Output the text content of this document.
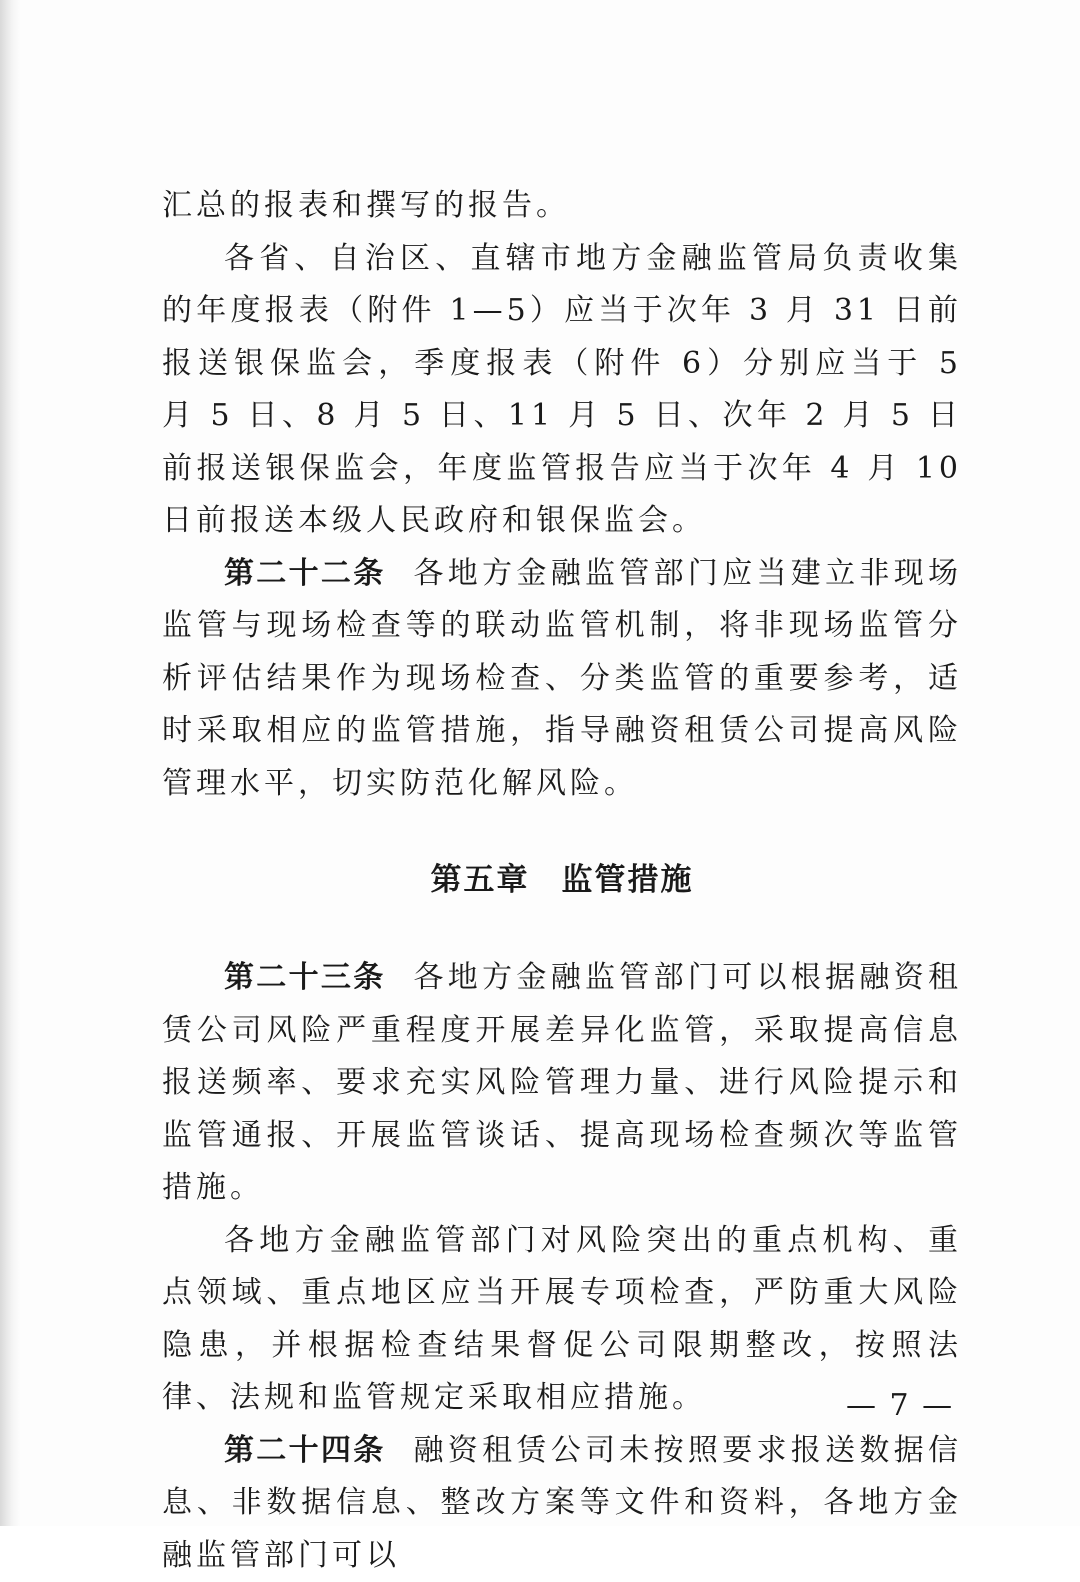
汇总的报表和撰写的报告。

各省、自治区、直辖市地方金融监管局负责收集的年度报表（附件 1—5）应当于次年 3 月 31 日前报送银保监会，季度报表（附件 6）分别应当于 5 月 5 日、8 月 5 日、11 月 5 日、次年 2 月 5 日前报送银保监会，年度监管报告应当于次年 4 月 10 日前报送本级人民政府和银保监会。

第二十二条 各地方金融监管部门应当建立非现场监管与现场检查等的联动监管机制，将非现场监管分析评估结果作为现场检查、分类监管的重要参考，适时采取相应的监管措施，指导融资租赁公司提高风险管理水平，切实防范化解风险。

第五章 监管措施

第二十三条 各地方金融监管部门可以根据融资租赁公司风险严重程度开展差异化监管，采取提高信息报送频率、要求充实风险管理力量、进行风险提示和监管通报、开展监管谈话、提高现场检查频次等监管措施。

各地方金融监管部门对风险突出的重点机构、重点领域、重点地区应当开展专项检查，严防重大风险隐患，并根据检查结果督促公司限期整改，按照法律、法规和监管规定采取相应措施。

第二十四条 融资租赁公司未按照要求报送数据信息、非数据信息、整改方案等文件和资料，各地方金融监管部门可以

— 7 —
